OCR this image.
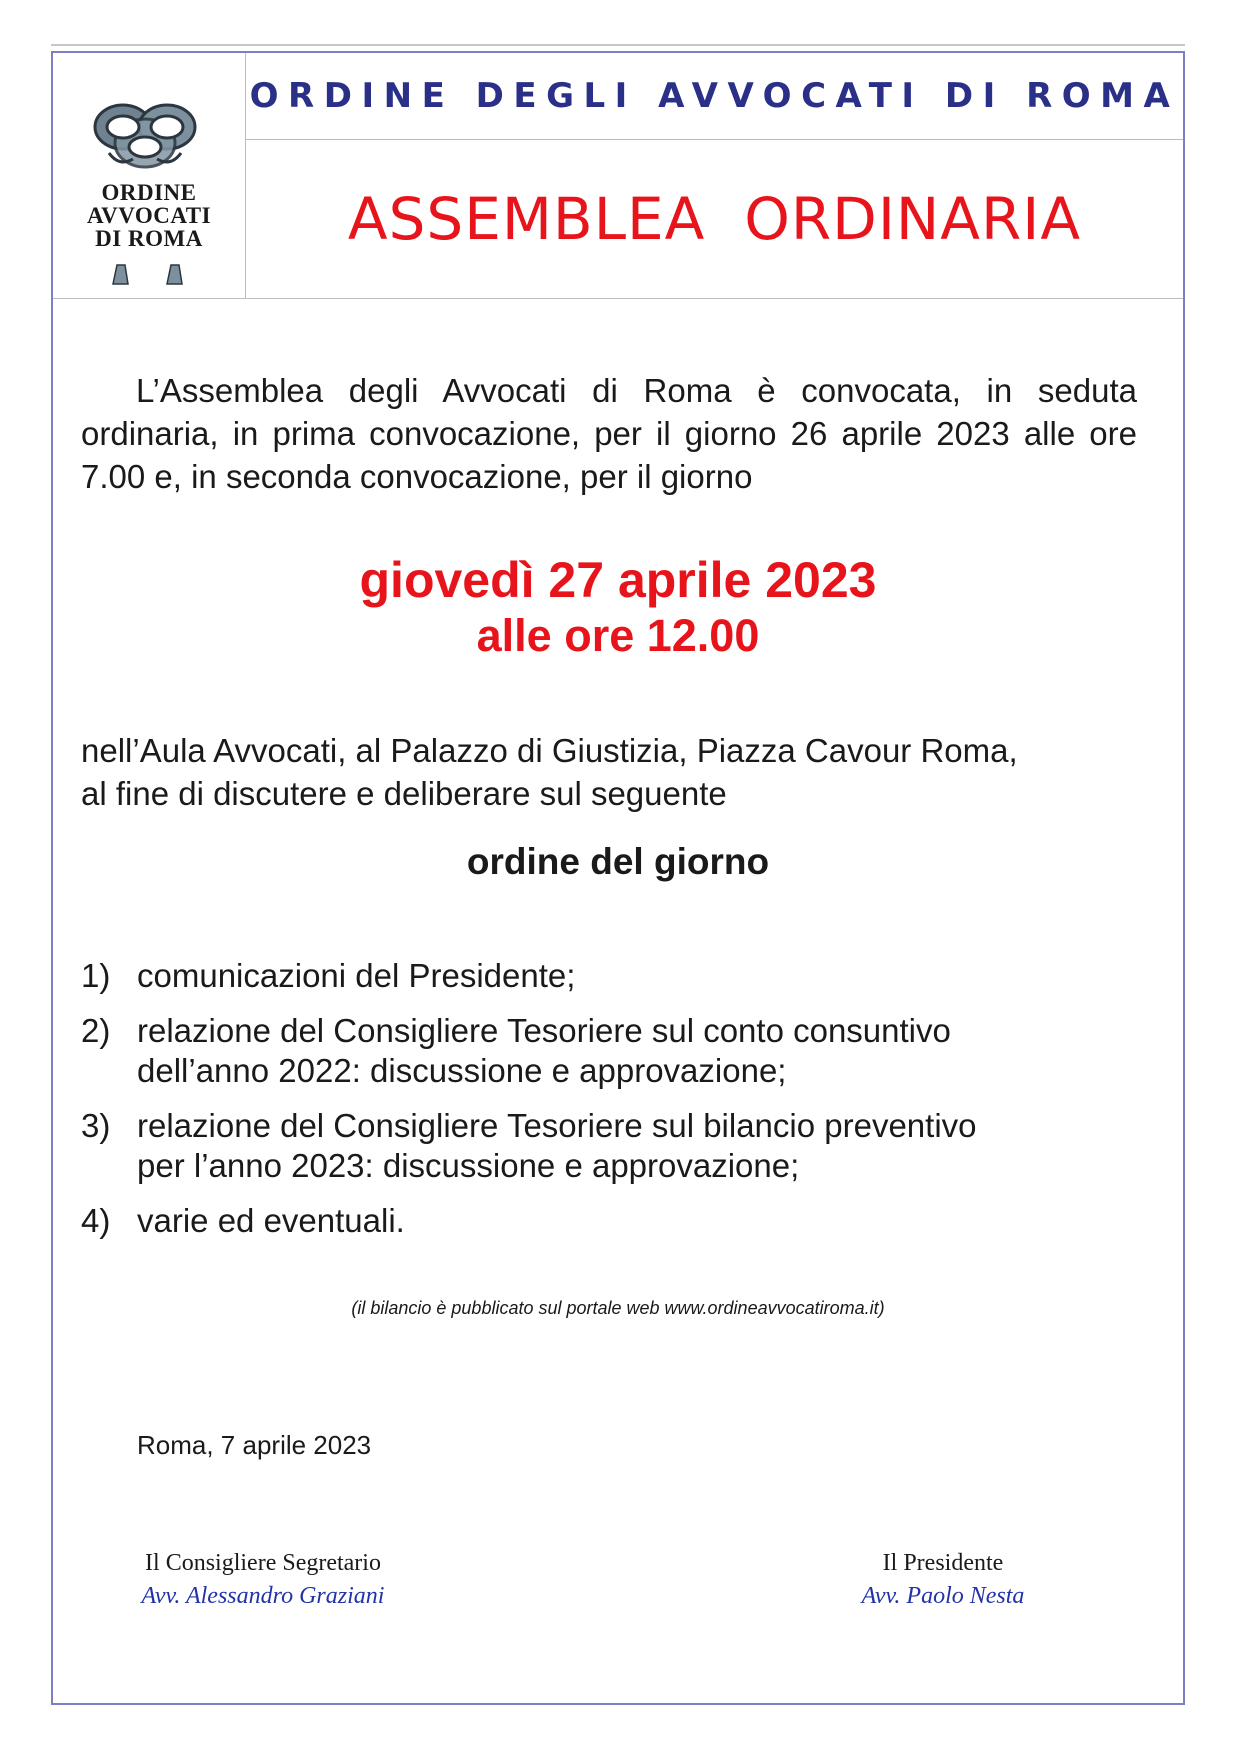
ORDINE
AVVOCATI
DI ROMA
ORDINE DEGLI AVVOCATI DI ROMA
ASSEMBLEA  ORDINARIA
L’Assemblea degli Avvocati di Roma è convocata, in seduta ordinaria, in prima convocazione, per il giorno 26 aprile 2023 alle ore 7.00 e, in seconda convocazione, per il giorno
giovedì 27 aprile 2023
alle ore 12.00
nell’Aula Avvocati, al Palazzo di Giustizia, Piazza Cavour Roma,
al fine di discutere e deliberare sul seguente
ordine del giorno
1) comunicazioni del Presidente;
2) relazione del Consigliere Tesoriere sul conto consuntivo
dell’anno 2022: discussione e approvazione;
3) relazione del Consigliere Tesoriere sul bilancio preventivo
per l’anno 2023: discussione e approvazione;
4) varie ed eventuali.
(il bilancio è pubblicato sul portale web www.ordineavvocatiroma.it)
Roma, 7 aprile 2023
Il Consigliere Segretario
Avv. Alessandro Graziani
Il Presidente
Avv. Paolo Nesta
